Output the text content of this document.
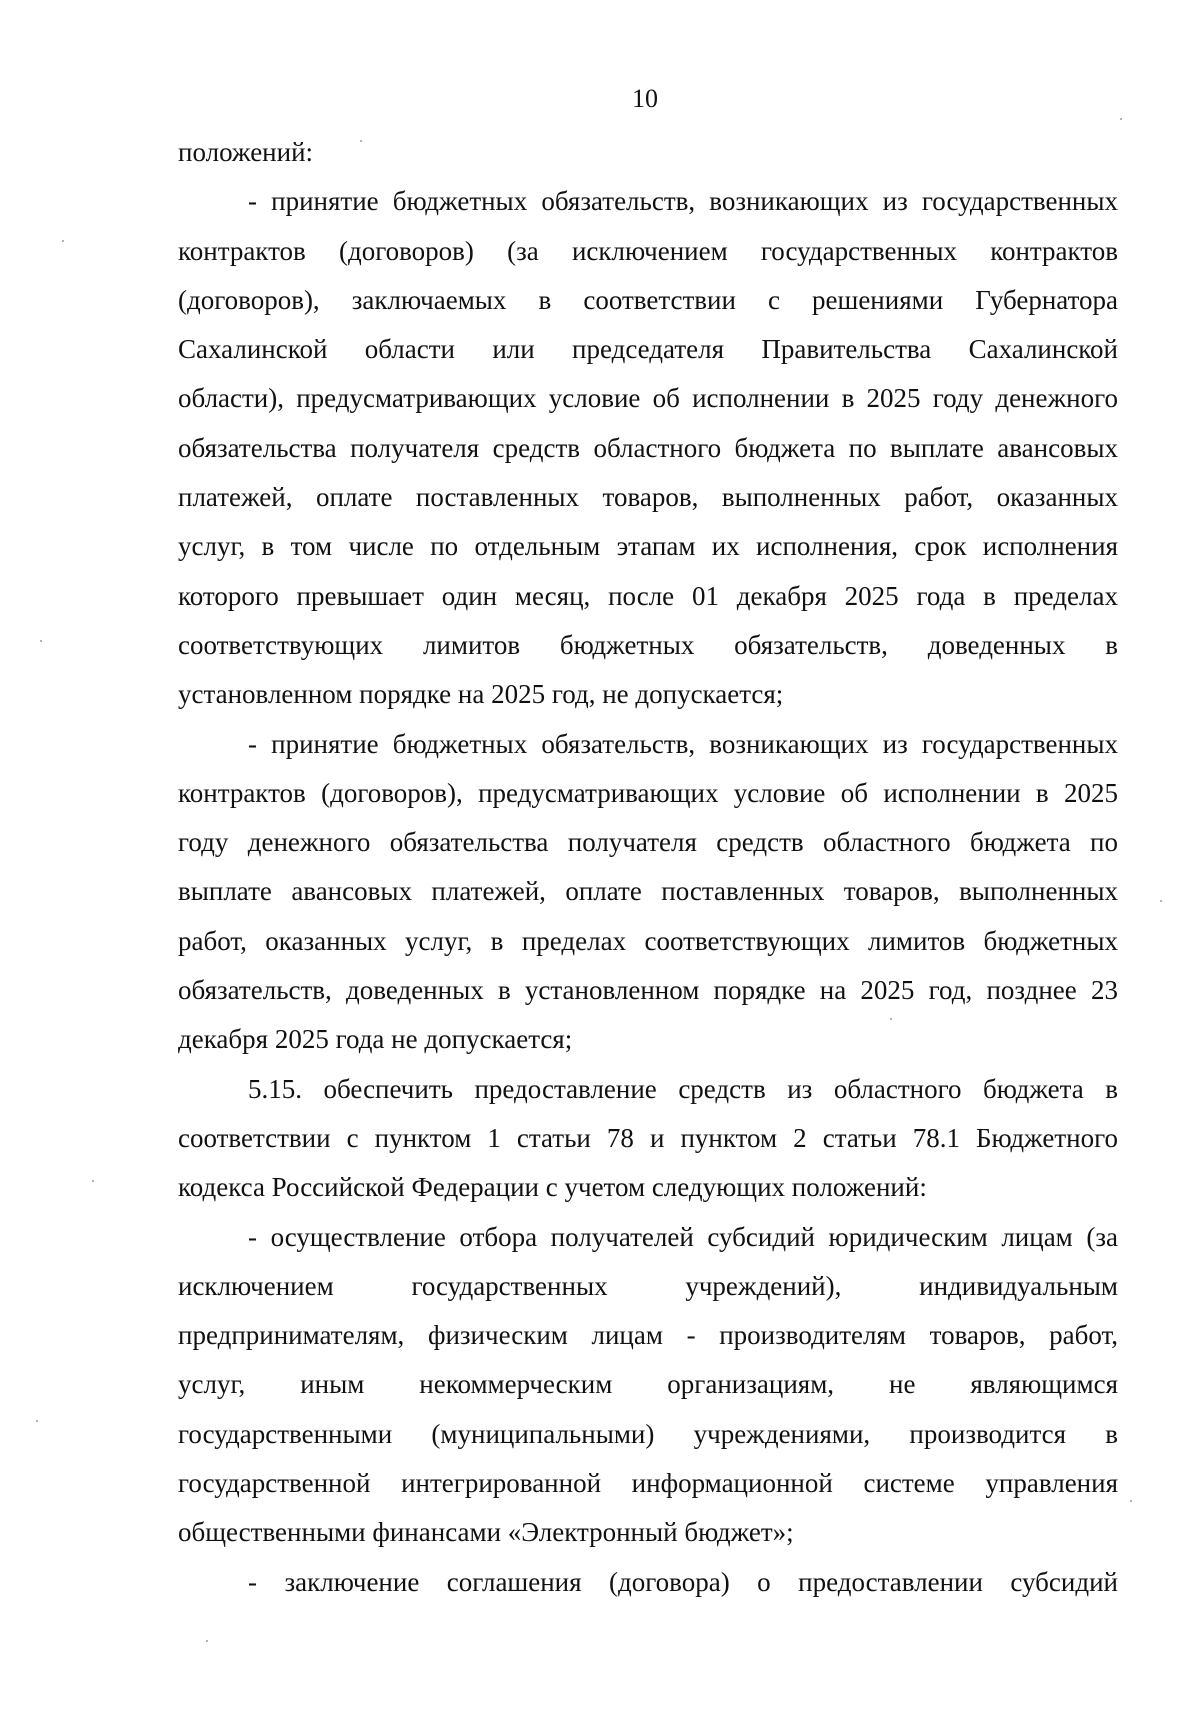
10
положений:
- принятие бюджетных обязательств, возникающих из государственных
контрактов (договоров) (за исключением государственных контрактов
(договоров), заключаемых в соответствии с решениями Губернатора
Сахалинской области или председателя Правительства Сахалинской
области), предусматривающих условие об исполнении в 2025 году денежного
обязательства получателя средств областного бюджета по выплате авансовых
платежей, оплате поставленных товаров, выполненных работ, оказанных
услуг, в том числе по отдельным этапам их исполнения, срок исполнения
которого превышает один месяц, после 01 декабря 2025 года в пределах
соответствующих лимитов бюджетных обязательств, доведенных в
установленном порядке на 2025 год, не допускается;
- принятие бюджетных обязательств, возникающих из государственных
контрактов (договоров), предусматривающих условие об исполнении в 2025
году денежного обязательства получателя средств областного бюджета по
выплате авансовых платежей, оплате поставленных товаров, выполненных
работ, оказанных услуг, в пределах соответствующих лимитов бюджетных
обязательств, доведенных в установленном порядке на 2025 год, позднее 23
декабря 2025 года не допускается;
5.15. обеспечить предоставление средств из областного бюджета в
соответствии с пунктом 1 статьи 78 и пунктом 2 статьи 78.1 Бюджетного
кодекса Российской Федерации с учетом следующих положений:
- осуществление отбора получателей субсидий юридическим лицам (за
исключением государственных учреждений), индивидуальным
предпринимателям, физическим лицам - производителям товаров, работ,
услуг, иным некоммерческим организациям, не являющимся
государственными (муниципальными) учреждениями, производится в
государственной интегрированной информационной системе управления
общественными финансами «Электронный бюджет»;
- заключение соглашения (договора) о предоставлении субсидий
